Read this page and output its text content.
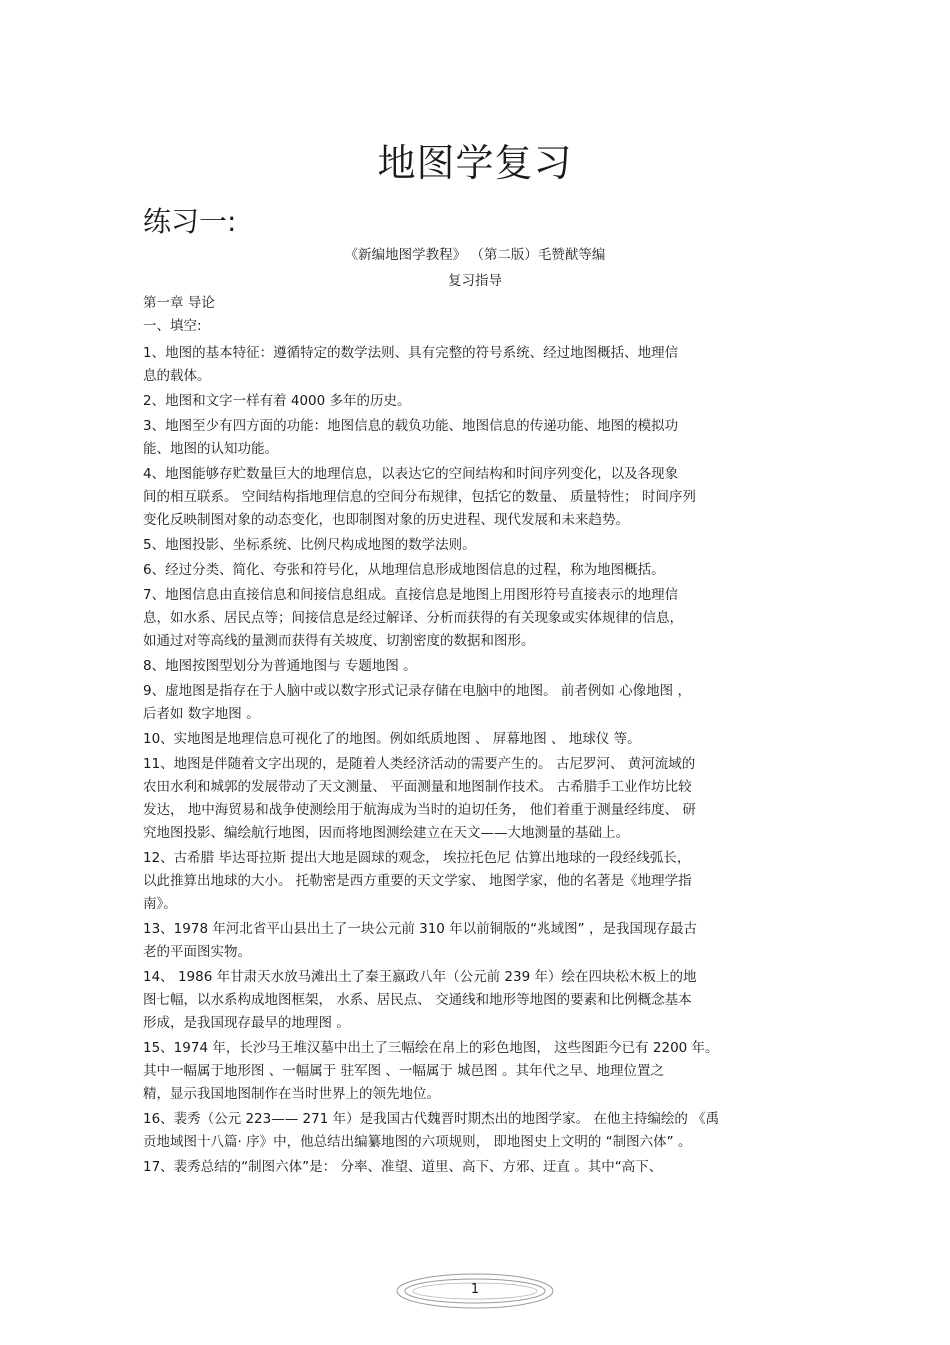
地图学复习
练习一:
《新编地图学教程》 （第二版）毛赞猷等编
复习指导
第一章 导论
一、填空:
1、地图的基本特征：遵循特定的数学法则、具有完整的符号系统、经过地图概括、地理信
息的载体。
2、地图和文字一样有着 4000 多年的历史。
3、地图至少有四方面的功能：地图信息的载负功能、地图信息的传递功能、地图的模拟功
能、地图的认知功能。
4、地图能够存贮数量巨大的地理信息，以表达它的空间结构和时间序列变化，以及各现象
间的相互联系。 空间结构指地理信息的空间分布规律，包括它的数量、 质量特性； 时间序列
变化反映制图对象的动态变化，也即制图对象的历史进程、现代发展和未来趋势。
5、地图投影、坐标系统、比例尺构成地图的数学法则。
6、经过分类、简化、夸张和符号化，从地理信息形成地图信息的过程，称为地图概括。
7、地图信息由直接信息和间接信息组成。直接信息是地图上用图形符号直接表示的地理信
息，如水系、居民点等；间接信息是经过解译、分析而获得的有关现象或实体规律的信息，
如通过对等高线的量测而获得有关坡度、切割密度的数据和图形。
8、地图按图型划分为普通地图与 专题地图 。
9、虚地图是指存在于人脑中或以数字形式记录存储在电脑中的地图。 前者例如 心像地图 ，
后者如 数字地图 。
10、实地图是地理信息可视化了的地图。例如纸质地图 、 屏幕地图 、 地球仪 等。
11、地图是伴随着文字出现的，是随着人类经济活动的需要产生的。 古尼罗河、 黄河流域的
农田水利和城郭的发展带动了天文测量、 平面测量和地图制作技术。 古希腊手工业作坊比较
发达， 地中海贸易和战争使测绘用于航海成为当时的迫切任务， 他们着重于测量经纬度、 研
究地图投影、编绘航行地图，因而将地图测绘建立在天文——大地测量的基础上。
12、古希腊 毕达哥拉斯 提出大地是圆球的观念， 埃拉托色尼 估算出地球的一段经线弧长，
以此推算出地球的大小。 托勒密是西方重要的天文学家、 地图学家，他的名著是《地理学指
南》。
13、1978 年河北省平山县出土了一块公元前 310 年以前铜版的“兆域图” ，是我国现存最古
老的平面图实物。
14、 1986 年甘肃天水放马滩出土了秦王嬴政八年（公元前 239 年）绘在四块松木板上的地
图七幅，以水系构成地图框架， 水系、居民点、 交通线和地形等地图的要素和比例概念基本
形成，是我国现存最早的地理图 。
15、1974 年，长沙马王堆汉墓中出土了三幅绘在帛上的彩色地图， 这些图距今已有 2200 年。
其中一幅属于地形图 、一幅属于 驻军图 、一幅属于 城邑图 。其年代之早、地理位置之
精，显示我国地图制作在当时世界上的领先地位。
16、裴秀（公元 223—— 271 年）是我国古代魏晋时期杰出的地图学家。 在他主持编绘的 《禹
贡地域图十八篇· 序》中，他总结出编纂地图的六项规则， 即地图史上文明的 “制图六体” 。
17、裴秀总结的“制图六体”是： 分率、准望、道里、高下、方邪、迂直 。其中“高下、
1
